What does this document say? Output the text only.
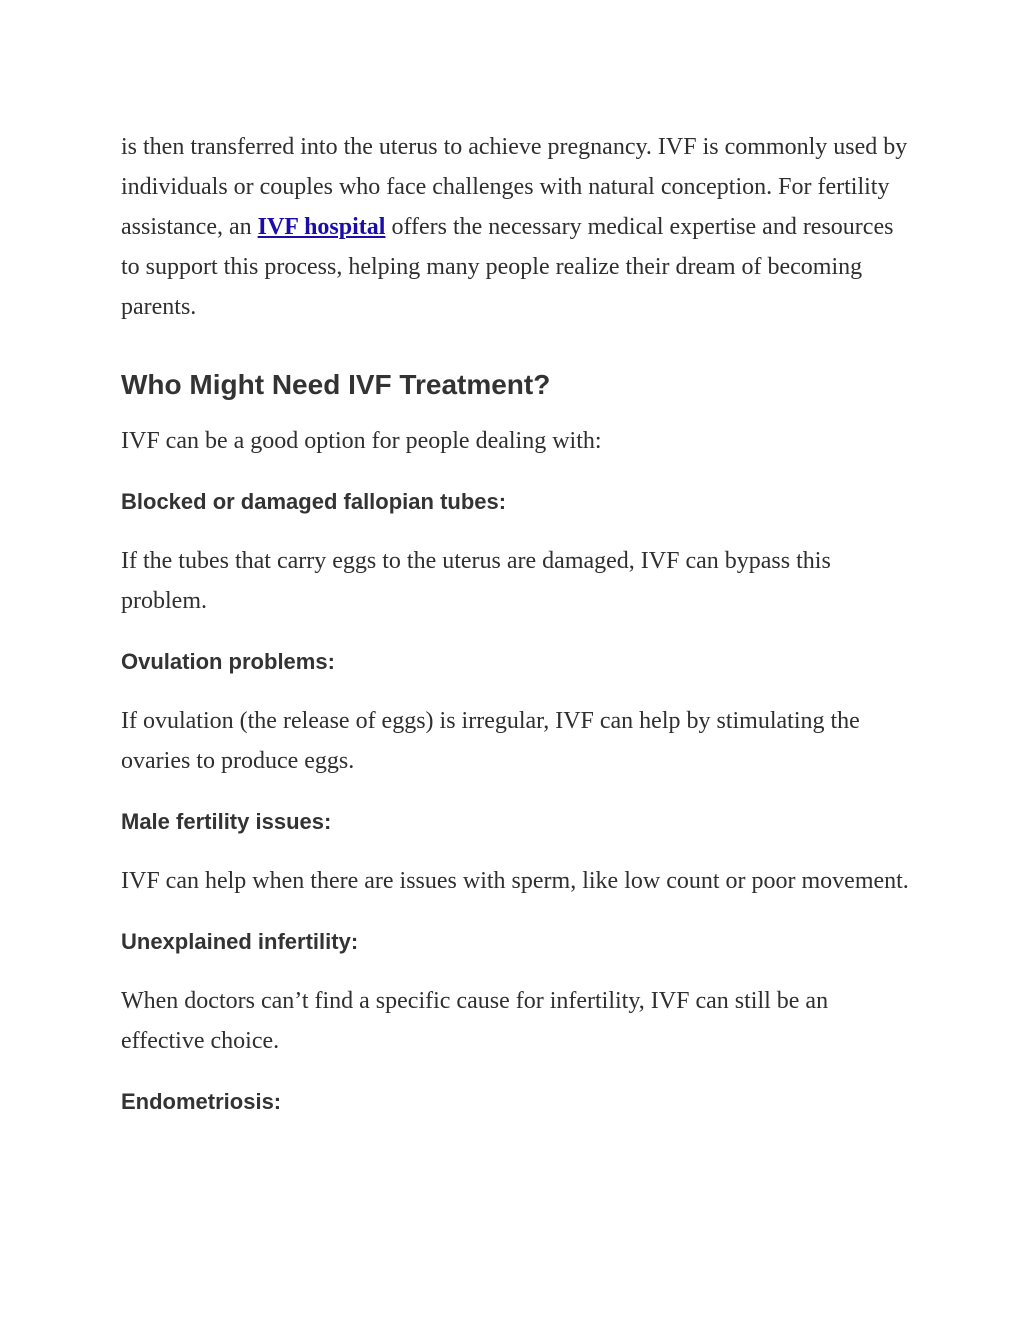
is then transferred into the uterus to achieve pregnancy. IVF is commonly used by individuals or couples who face challenges with natural conception. For fertility assistance, an IVF hospital offers the necessary medical expertise and resources to support this process, helping many people realize their dream of becoming parents.

Who Might Need IVF Treatment?

IVF can be a good option for people dealing with:

Blocked or damaged fallopian tubes:

If the tubes that carry eggs to the uterus are damaged, IVF can bypass this problem.

Ovulation problems:

If ovulation (the release of eggs) is irregular, IVF can help by stimulating the ovaries to produce eggs.

Male fertility issues:

IVF can help when there are issues with sperm, like low count or poor movement.

Unexplained infertility:

When doctors can’t find a specific cause for infertility, IVF can still be an effective choice.

Endometriosis:
